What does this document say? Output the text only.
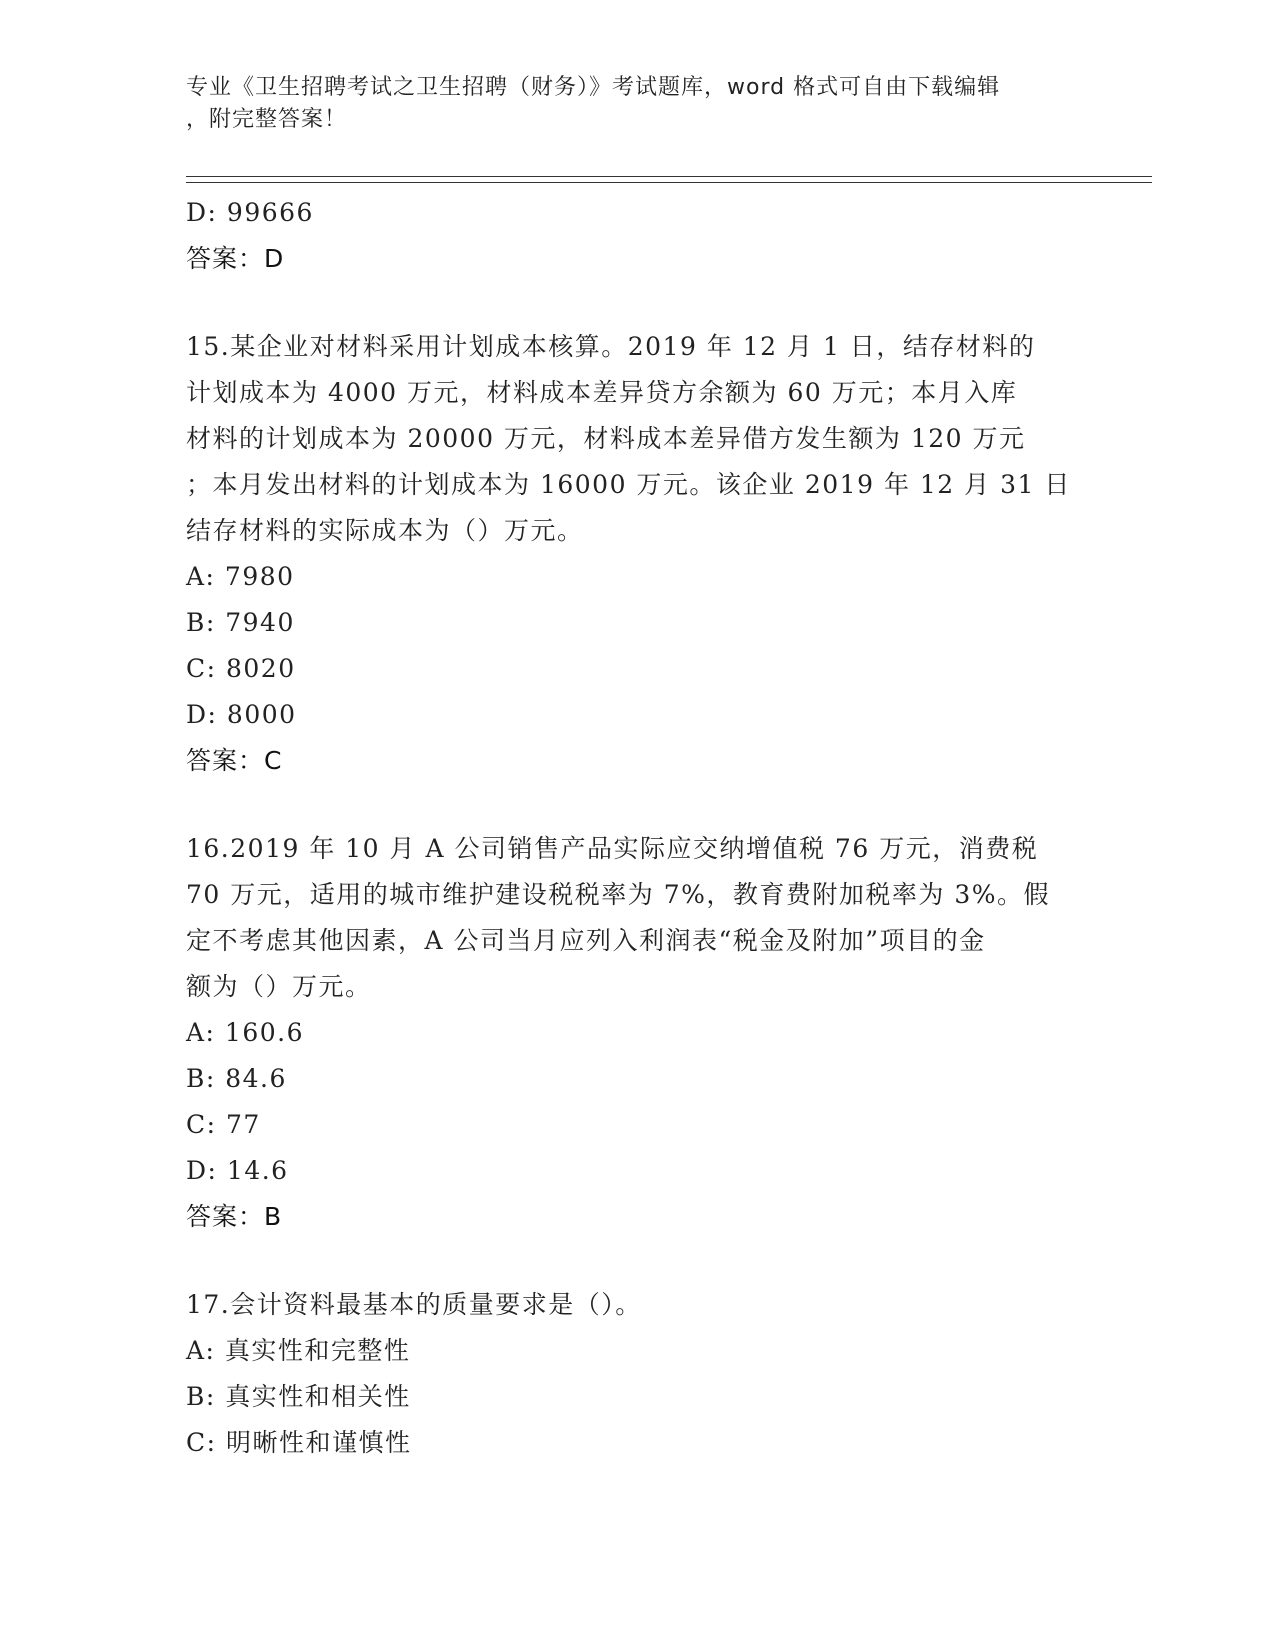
专业《卫生招聘考试之卫生招聘（财务）》考试题库，word 格式可自由下载编辑
，附完整答案！
D: 99666
答案：D
15.某企业对材料采用计划成本核算。2019 年 12 月 1 日，结存材料的
计划成本为 4000 万元，材料成本差异贷方余额为 60 万元；本月入库
材料的计划成本为 20000 万元，材料成本差异借方发生额为 120 万元
；本月发出材料的计划成本为 16000 万元。该企业 2019 年 12 月 31 日
结存材料的实际成本为（）万元。
A: 7980
B: 7940
C: 8020
D: 8000
答案：C
16.2019 年 10 月 A 公司销售产品实际应交纳增值税 76 万元，消费税
70 万元，适用的城市维护建设税税率为 7%，教育费附加税率为 3%。假
定不考虑其他因素，A 公司当月应列入利润表“税金及附加”项目的金
额为（）万元。
A: 160.6
B: 84.6
C: 77
D: 14.6
答案：B
17.会计资料最基本的质量要求是（）。
A: 真实性和完整性
B: 真实性和相关性
C: 明晰性和谨慎性
